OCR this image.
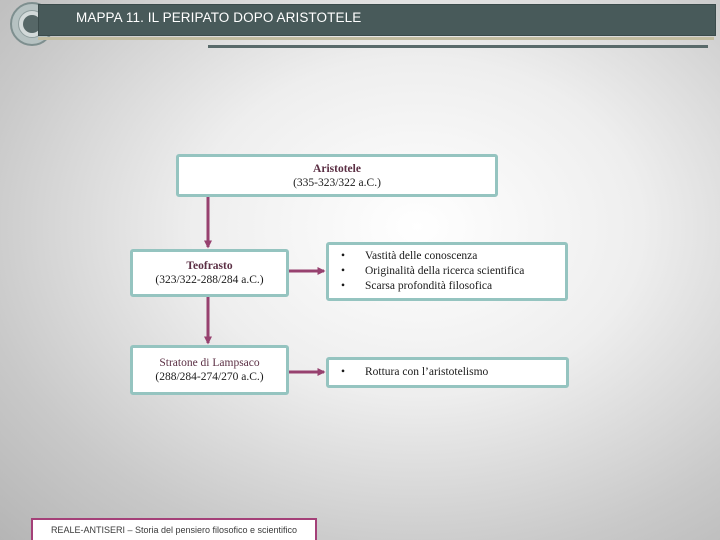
MAPPA 11. IL PERIPATO DOPO ARISTOTELE
Aristotele
(335-323/322 a.C.)
Teofrasto
(323/322-288/284 a.C.)
Stratone di Lampsaco
(288/284-274/270 a.C.)
•	Vastità delle conoscenza
•	Originalità della ricerca scientifica
•	Scarsa profondità filosofica
•	Rottura con l’aristotelismo
REALE-ANTISERI – Storia del pensiero filosofico e scientifico
